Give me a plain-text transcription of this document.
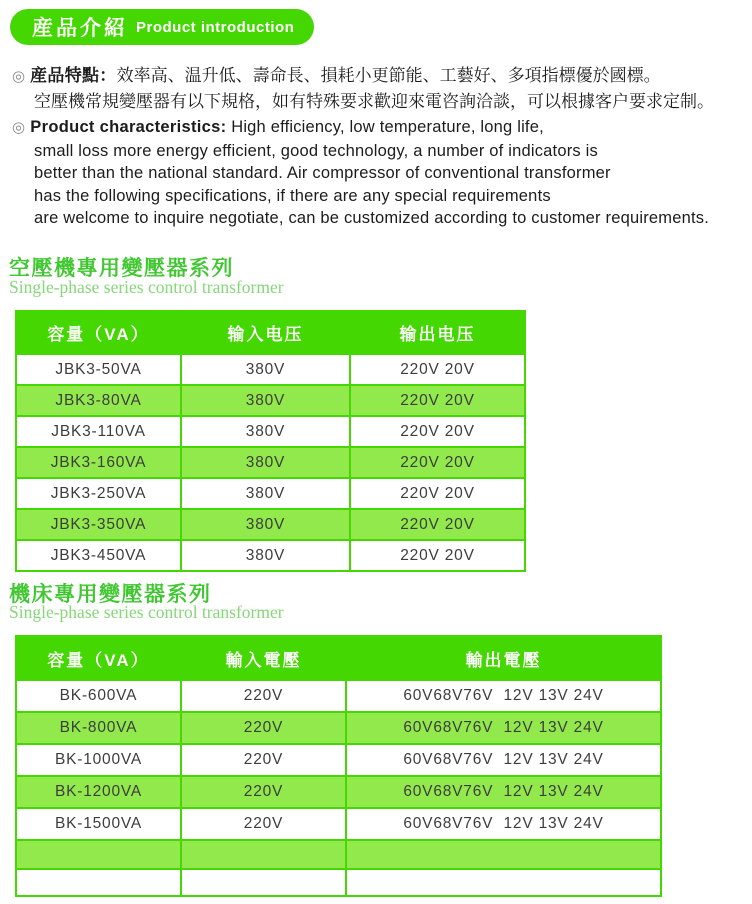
産品介紹 Product introduction
◎ 産品特點：效率高、温升低、壽命長、損耗小更節能、工藝好、多項指標優於國標。
空壓機常規變壓器有以下規格，如有特殊要求歡迎來電咨詢洽談，可以根據客户要求定制。
◎ Product characteristics: High efficiency, low temperature, long life,
small loss more energy efficient, good technology, a number of indicators is
better than the national standard. Air compressor of conventional transformer
has the following specifications, if there are any special requirements
are welcome to inquire negotiate, can be customized according to customer requirements.
空壓機專用變壓器系列
Single-phase series control transformer
容量（VA）	输入电压	输出电压
JBK3-50VA	380V	220V 20V
JBK3-80VA	380V	220V 20V
JBK3-110VA	380V	220V 20V
JBK3-160VA	380V	220V 20V
JBK3-250VA	380V	220V 20V
JBK3-350VA	380V	220V 20V
JBK3-450VA	380V	220V 20V
機床專用變壓器系列
Single-phase series control transformer
容量（VA）	輸入電壓	輸出電壓
BK-600VA	220V	60V68V76V  12V 13V 24V
BK-800VA	220V	60V68V76V  12V 13V 24V
BK-1000VA	220V	60V68V76V  12V 13V 24V
BK-1200VA	220V	60V68V76V  12V 13V 24V
BK-1500VA	220V	60V68V76V  12V 13V 24V
